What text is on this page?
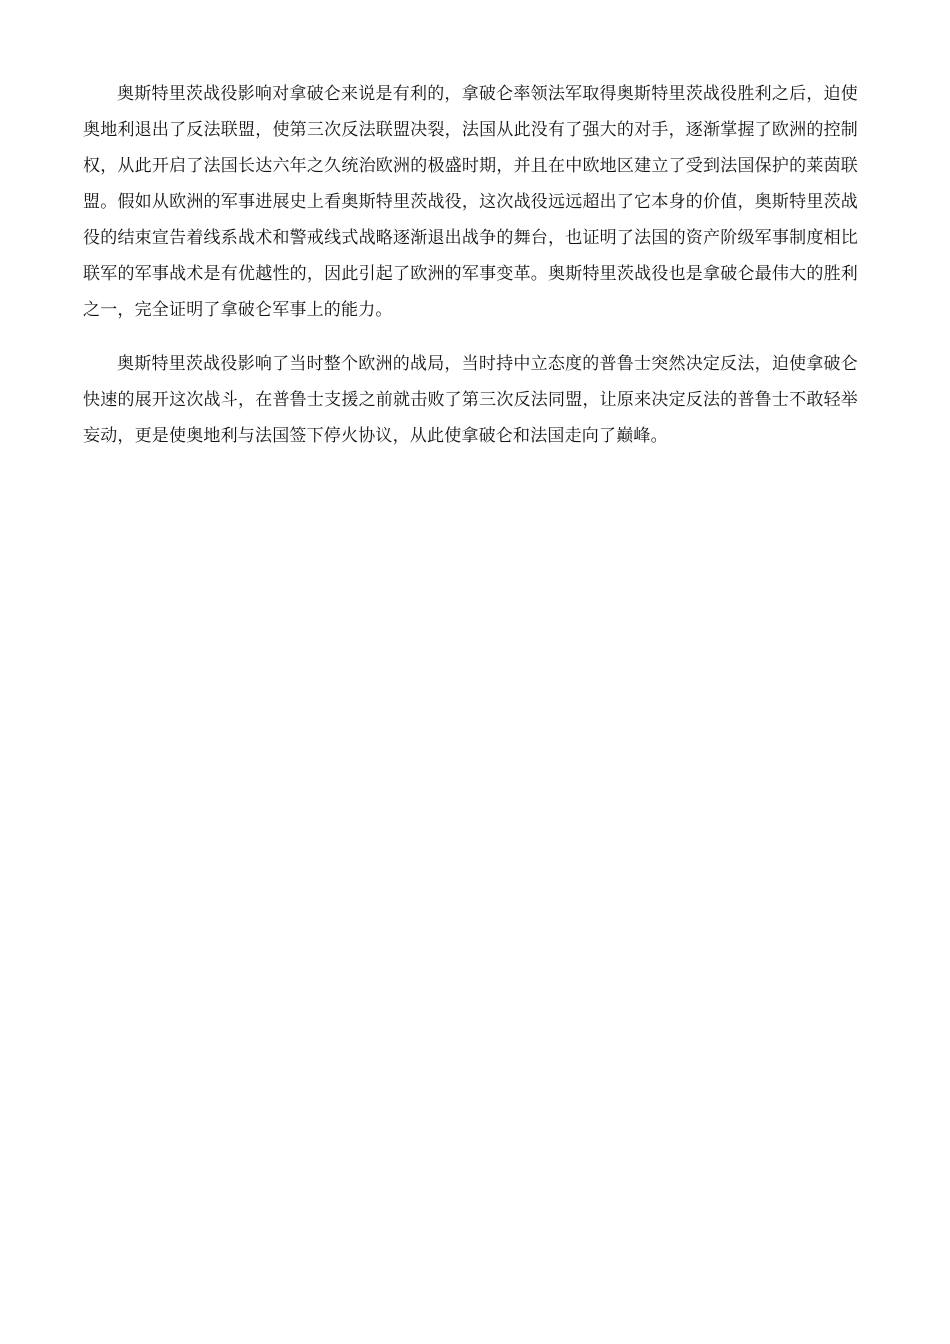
奥斯特里茨战役影响对拿破仑来说是有利的，拿破仑率领法军取得奥斯特里茨战役胜利之后，迫使奥地利退出了反法联盟，使第三次反法联盟决裂，法国从此没有了强大的对手，逐渐掌握了欧洲的控制权，从此开启了法国长达六年之久统治欧洲的极盛时期，并且在中欧地区建立了受到法国保护的莱茵联盟。假如从欧洲的军事进展史上看奥斯特里茨战役，这次战役远远超出了它本身的价值，奥斯特里茨战役的结束宣告着线系战术和警戒线式战略逐渐退出战争的舞台，也证明了法国的资产阶级军事制度相比联军的军事战术是有优越性的，因此引起了欧洲的军事变革。奥斯特里茨战役也是拿破仑最伟大的胜利之一，完全证明了拿破仑军事上的能力。

奥斯特里茨战役影响了当时整个欧洲的战局，当时持中立态度的普鲁士突然决定反法，迫使拿破仑快速的展开这次战斗，在普鲁士支援之前就击败了第三次反法同盟，让原来决定反法的普鲁士不敢轻举妄动，更是使奥地利与法国签下停火协议，从此使拿破仑和法国走向了巅峰。
